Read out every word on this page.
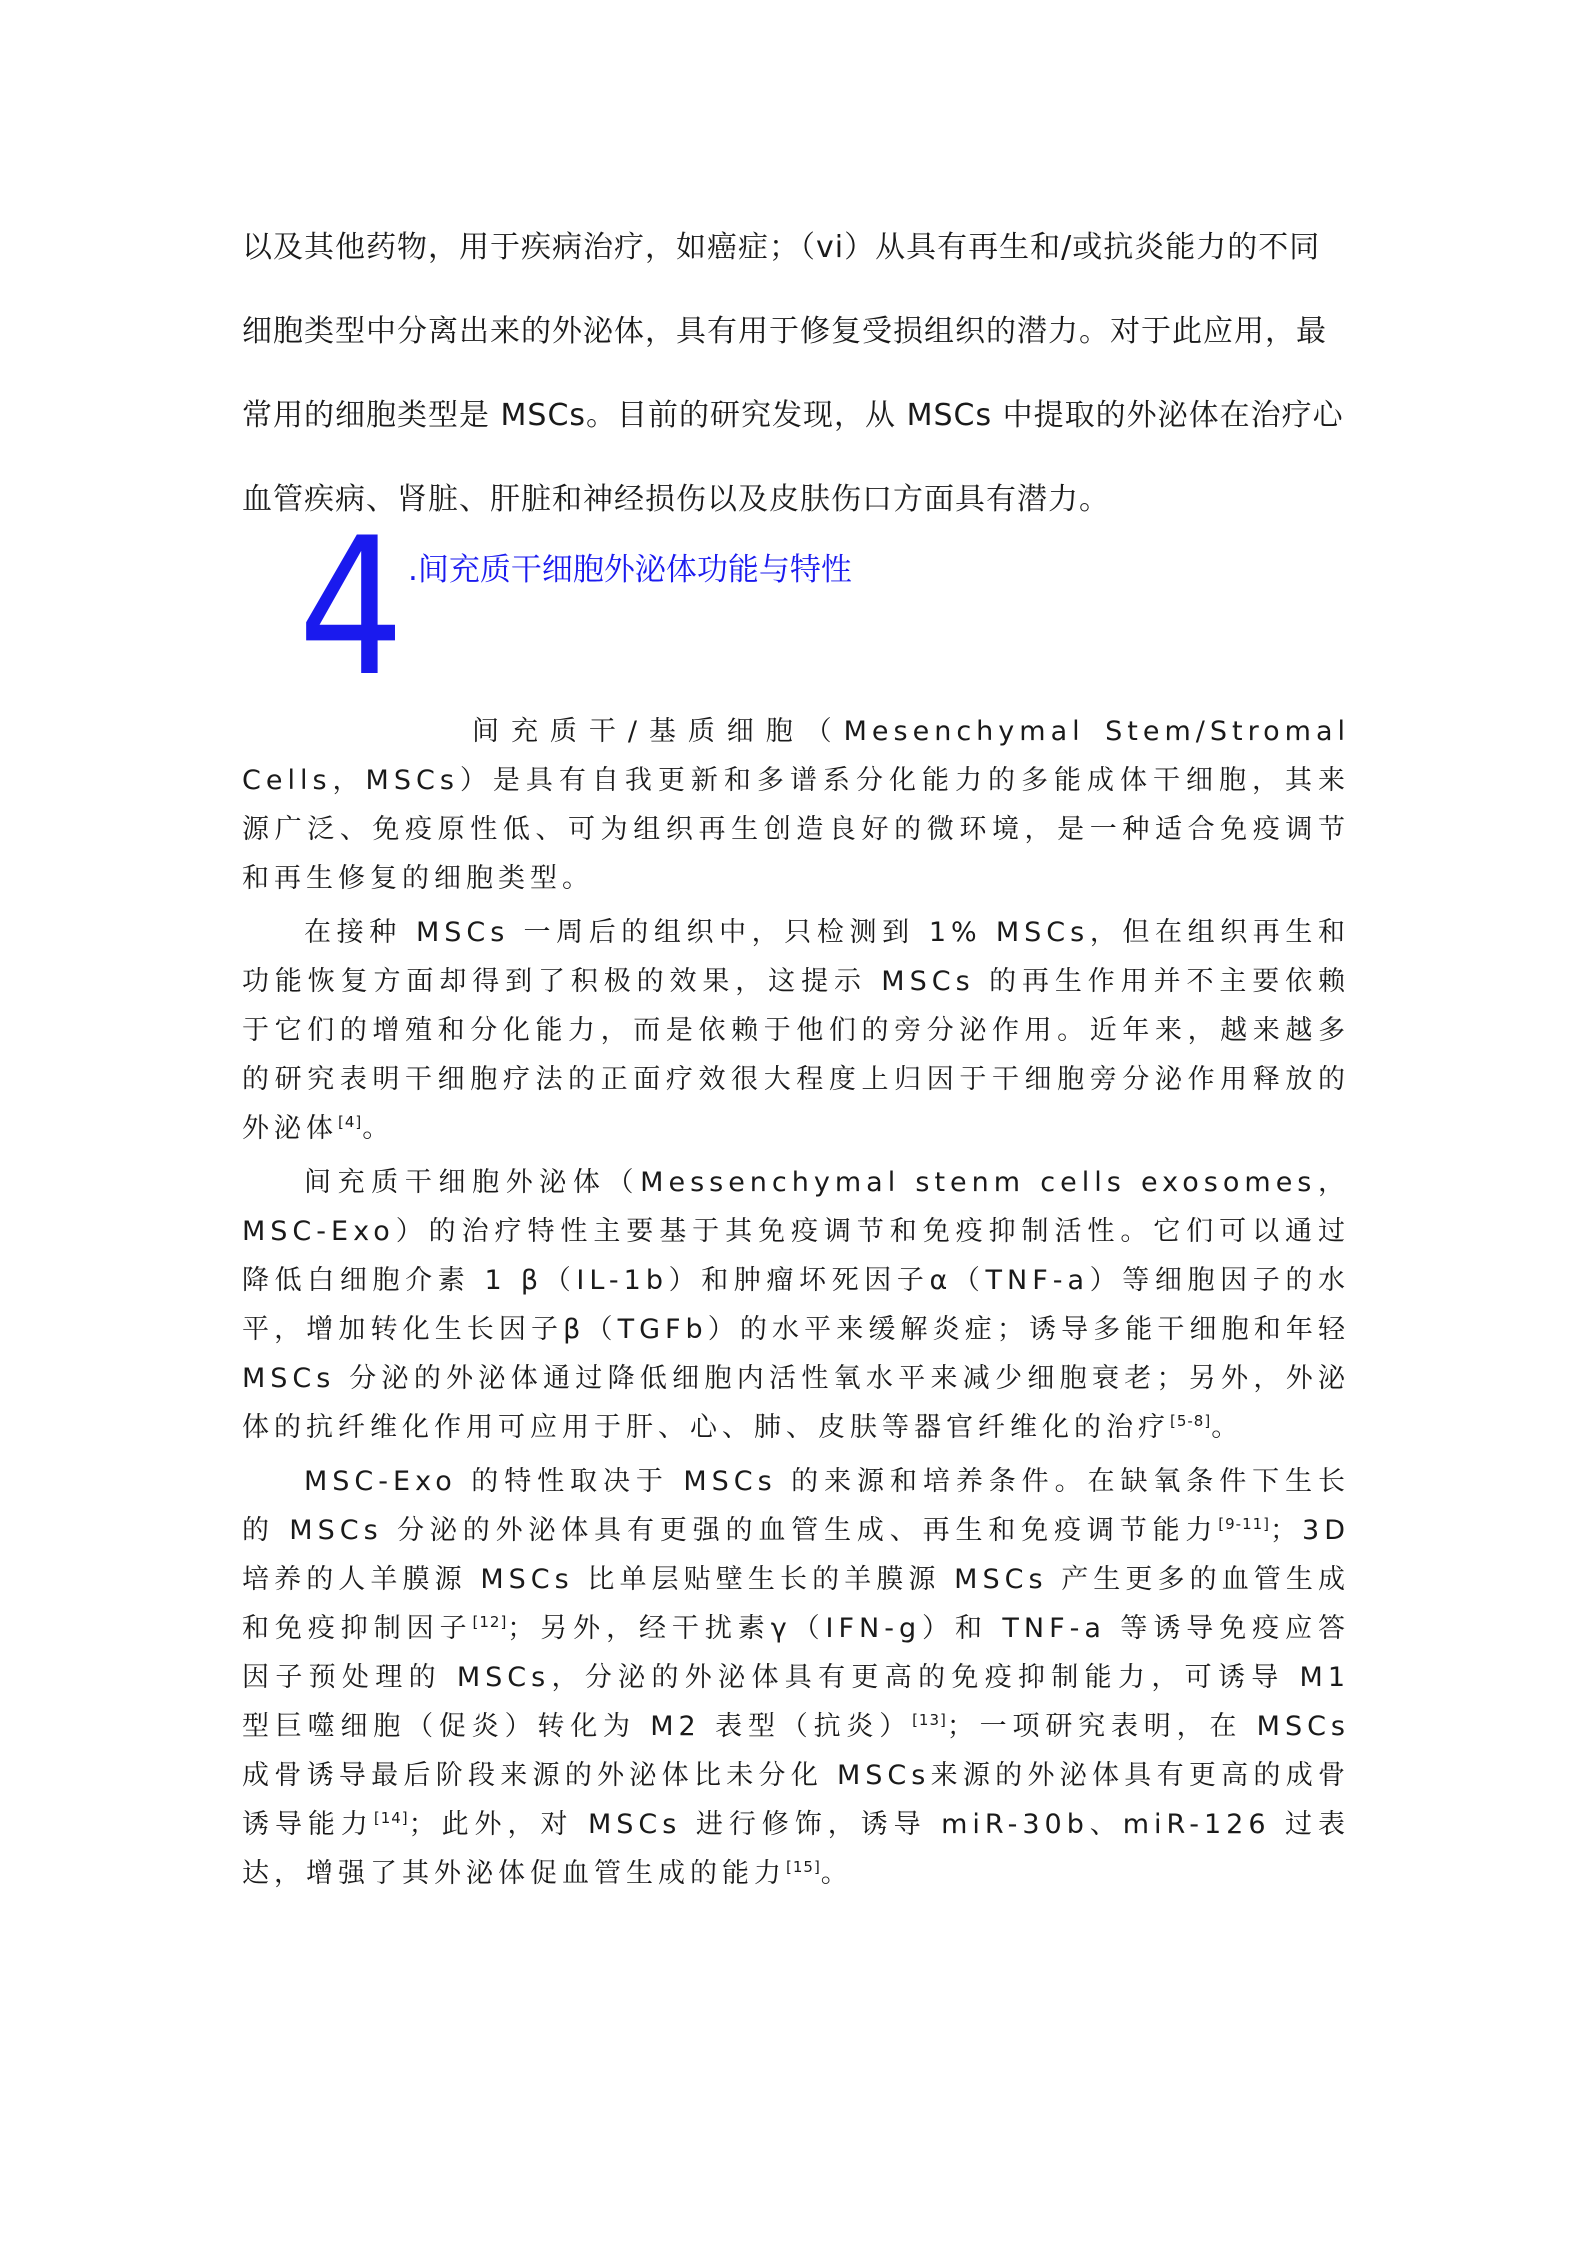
以及其他药物，用于疾病治疗，如癌症；（vi）从具有再生和/或抗炎能力的不同细胞类型中分离出来的外泌体，具有用于修复受损组织的潜力。对于此应用，最常用的细胞类型是 MSCs。目前的研究发现，从 MSCs 中提取的外泌体在治疗心血管疾病、肾脏、肝脏和神经损伤以及皮肤伤口方面具有潜力。

4 .间充质干细胞外泌体功能与特性

间充质干/基质细胞（Mesenchymal Stem/Stromal Cells，MSCs）是具有自我更新和多谱系分化能力的多能成体干细胞，其来源广泛、免疫原性低、可为组织再生创造良好的微环境，是一种适合免疫调节和再生修复的细胞类型。

在接种 MSCs 一周后的组织中，只检测到 1% MSCs，但在组织再生和功能恢复方面却得到了积极的效果，这提示 MSCs 的再生作用并不主要依赖于它们的增殖和分化能力，而是依赖于他们的旁分泌作用。近年来，越来越多的研究表明干细胞疗法的正面疗效很大程度上归因于干细胞旁分泌作用释放的外泌体[4]。

间充质干细胞外泌体（Messenchymal stenm cells exosomes，MSC-Exo）的治疗特性主要基于其免疫调节和免疫抑制活性。它们可以通过降低白细胞介素 1 β（IL-1b）和肿瘤坏死因子α（TNF-a）等细胞因子的水平，增加转化生长因子β（TGFb）的水平来缓解炎症；诱导多能干细胞和年轻 MSCs 分泌的外泌体通过降低细胞内活性氧水平来减少细胞衰老；另外，外泌体的抗纤维化作用可应用于肝、心、肺、皮肤等器官纤维化的治疗[5-8]。

MSC-Exo 的特性取决于 MSCs 的来源和培养条件。在缺氧条件下生长的 MSCs 分泌的外泌体具有更强的血管生成、再生和免疫调节能力[9-11]；3D 培养的人羊膜源 MSCs 比单层贴壁生长的羊膜源 MSCs 产生更多的血管生成和免疫抑制因子[12]；另外，经干扰素γ（IFN-g）和 TNF-a 等诱导免疫应答因子预处理的 MSCs，分泌的外泌体具有更高的免疫抑制能力，可诱导 M1 型巨噬细胞（促炎）转化为 M2 表型（抗炎）[13]；一项研究表明，在 MSCs成骨诱导最后阶段来源的外泌体比未分化 MSCs来源的外泌体具有更高的成骨诱导能力[14]；此外，对 MSCs 进行修饰，诱导 miR-30b、miR-126 过表达，增强了其外泌体促血管生成的能力[15]。
